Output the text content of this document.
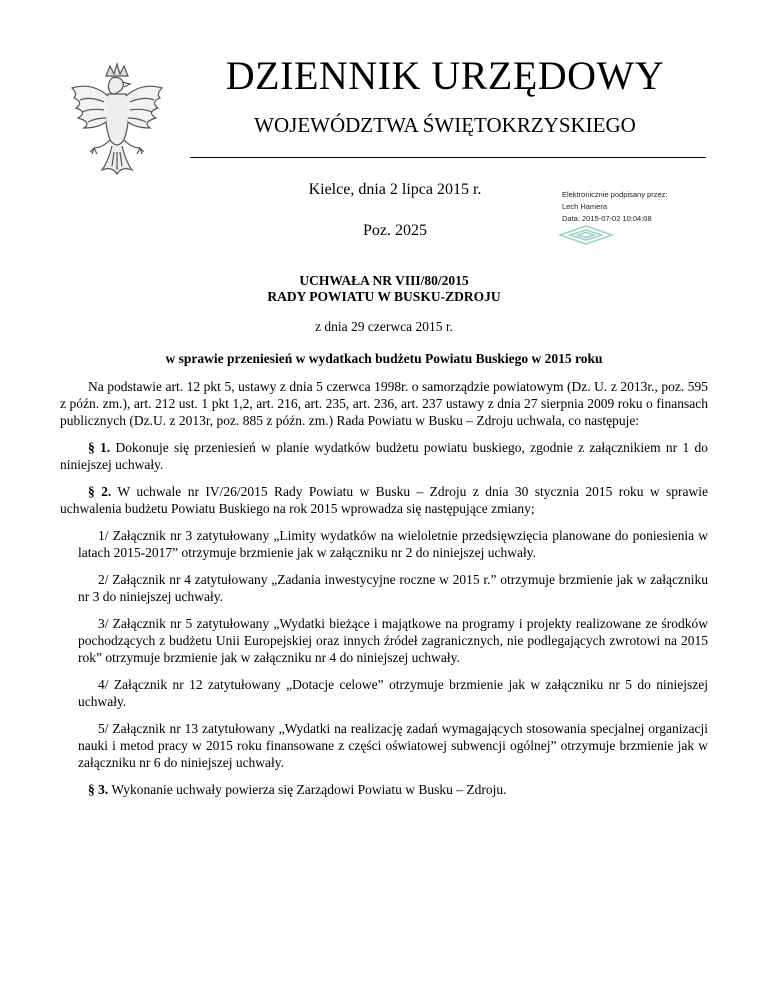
DZIENNIK URZĘDOWY
WOJEWÓDZTWA ŚWIĘTOKRZYSKIEGO
Kielce, dnia 2 lipca 2015 r.
Poz. 2025
Elektronicznie podpisany przez:
Lech Hamera
Data: 2015-07-02 10:04:08
UCHWAŁA NR VIII/80/2015
RADY POWIATU W BUSKU-ZDROJU
z dnia 29 czerwca 2015 r.
w sprawie przeniesień w wydatkach budżetu Powiatu Buskiego w 2015 roku

Na podstawie art. 12 pkt 5, ustawy z dnia 5 czerwca 1998r. o samorządzie powiatowym (Dz. U. z 2013r., poz. 595 z późn. zm.), art. 212 ust. 1 pkt 1,2, art. 216, art. 235, art. 236, art. 237 ustawy z dnia 27 sierpnia 2009 roku o finansach publicznych (Dz.U. z 2013r, poz. 885 z późn. zm.) Rada Powiatu w Busku – Zdroju uchwala, co następuje:

§ 1. Dokonuje się przeniesień w planie wydatków budżetu powiatu buskiego, zgodnie z załącznikiem nr 1 do niniejszej uchwały.

§ 2. W uchwale nr IV/26/2015 Rady Powiatu w Busku – Zdroju z dnia 30 stycznia 2015 roku w sprawie uchwalenia budżetu Powiatu Buskiego na rok 2015 wprowadza się następujące zmiany;

1/ Załącznik nr 3 zatytułowany „Limity wydatków na wieloletnie przedsięwzięcia planowane do poniesienia w latach 2015-2017” otrzymuje brzmienie jak w załączniku nr 2 do niniejszej uchwały.

2/ Załącznik nr 4 zatytułowany „Zadania inwestycyjne roczne w 2015 r.” otrzymuje brzmienie jak w załączniku nr 3 do niniejszej uchwały.

3/ Załącznik nr 5 zatytułowany „Wydatki bieżące i majątkowe na programy i projekty realizowane ze środków pochodzących z budżetu Unii Europejskiej oraz innych źródeł zagranicznych, nie podlegających zwrotowi na 2015 rok” otrzymuje brzmienie jak w załączniku nr 4 do niniejszej uchwały.

4/ Załącznik nr 12 zatytułowany „Dotacje celowe” otrzymuje brzmienie jak w załączniku nr 5 do niniejszej uchwały.

5/ Załącznik nr 13 zatytułowany „Wydatki na realizację zadań wymagających stosowania specjalnej organizacji nauki i metod pracy w 2015 roku finansowane z części oświatowej subwencji ogólnej” otrzymuje brzmienie jak w załączniku nr 6 do niniejszej uchwały.

§ 3. Wykonanie uchwały powierza się Zarządowi Powiatu w Busku – Zdroju.
